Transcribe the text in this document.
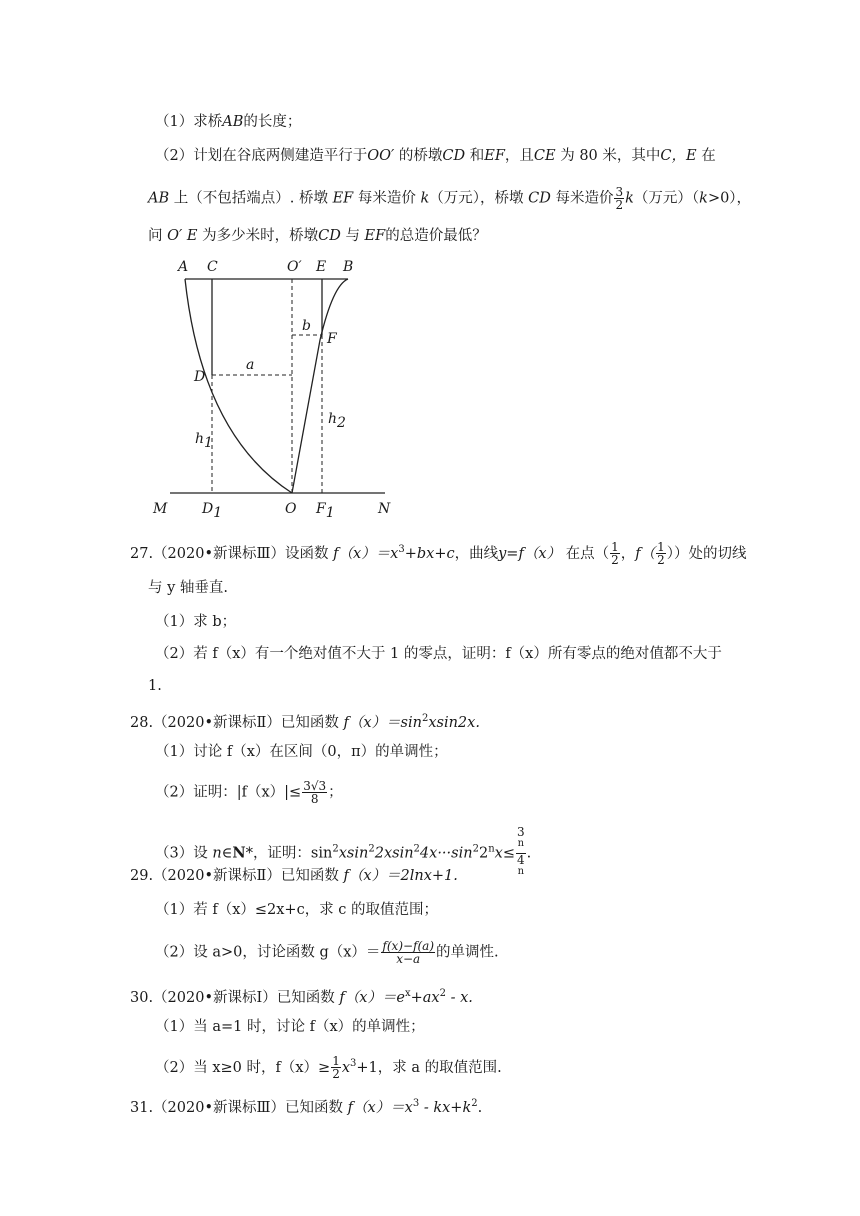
（1）求桥AB的长度；
（2）计划在谷底两侧建造平行于OO′ 的桥墩CD 和EF，且CE 为 80 米，其中C，E 在
AB 上（不包括端点）. 桥墩 EF 每米造价 k（万元），桥墩 CD 每米造价 $\frac{3}{2} k$（万元）（k>0），
问 O′ E 为多少米时，桥墩CD 与 EF的总造价最低？
A C	O′ E B
b
F
a
D
h1
h2
M D1	O F1	N
27.（2020•新课标Ⅲ）设函数 $f(x)=x^3+bx+c$，曲线y=f（x） 在点（ $\frac{1}{2}$ ，$f( \frac{1}{2}$ ））处的切线
与 y 轴垂直.
（1）求 b；
（2）若 f（x）有一个绝对值不大于 1 的零点，证明：f（x）所有零点的绝对值都不大于
1.
28.（2020•新课标Ⅱ）已知函数 $f(x)=\sin^2xsin2x$.
（1）讨论 f（x）在区间（0，π）的单调性；
（2）证明：$|f(x)|\le \frac{3√3}{8}$ ；
（3）设 n∈N*，证明：$\sin^2xsin^22xsin^24x\cdot\cdot\cdot\sin^22^nx\le 3$
$^n$
4
$^n$ .
29.（2020•新课标Ⅱ）已知函数 f（x）＝2lnx+1.
（1）若 f（x）≤2x+c，求 c 的取值范围；
（2）设 a>0，讨论函数 $g(x)= \frac{f(x)-f(a)}{x-a}$ 的单调性.
30.（2020•新课标Ⅰ）已知函数 $f(x)=e^x+ax^2 - x$.
（1）当 a=1 时，讨论 f（x）的单调性；
（2）当 x≥0 时，$f(x)\ge \frac{1}{2} x^3+1$，求 a 的取值范围.
31.（2020•新课标Ⅲ）已知函数 $f(x)=x^3 - kx+k^2$.
